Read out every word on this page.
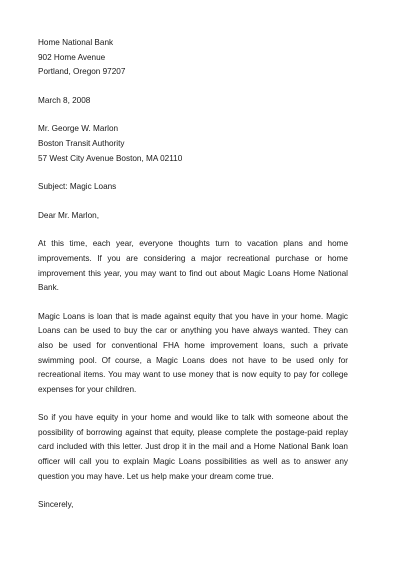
Home National Bank
902 Home Avenue
Portland, Oregon 97207
March 8, 2008
Mr. George W. Marlon
Boston Transit Authority
57 West City Avenue Boston, MA 02110
Subject: Magic Loans
Dear Mr. Marlon,

At this time, each year, everyone thoughts turn to vacation plans and home improvements. If you are considering a major recreational purchase or home improvement this year, you may want to find out about Magic Loans Home National Bank.

Magic Loans is loan that is made against equity that you have in your home. Magic Loans can be used to buy the car or anything you have always wanted. They can also be used for conventional FHA home improvement loans, such a private swimming pool. Of course, a Magic Loans does not have to be used only for recreational items. You may want to use money that is now equity to pay for college expenses for your children.

So if you have equity in your home and would like to talk with someone about the possibility of borrowing against that equity, please complete the postage-paid replay card included with this letter. Just drop it in the mail and a Home National Bank loan officer will call you to explain Magic Loans possibilities as well as to answer any question you may have. Let us help make your dream come true.

Sincerely,
